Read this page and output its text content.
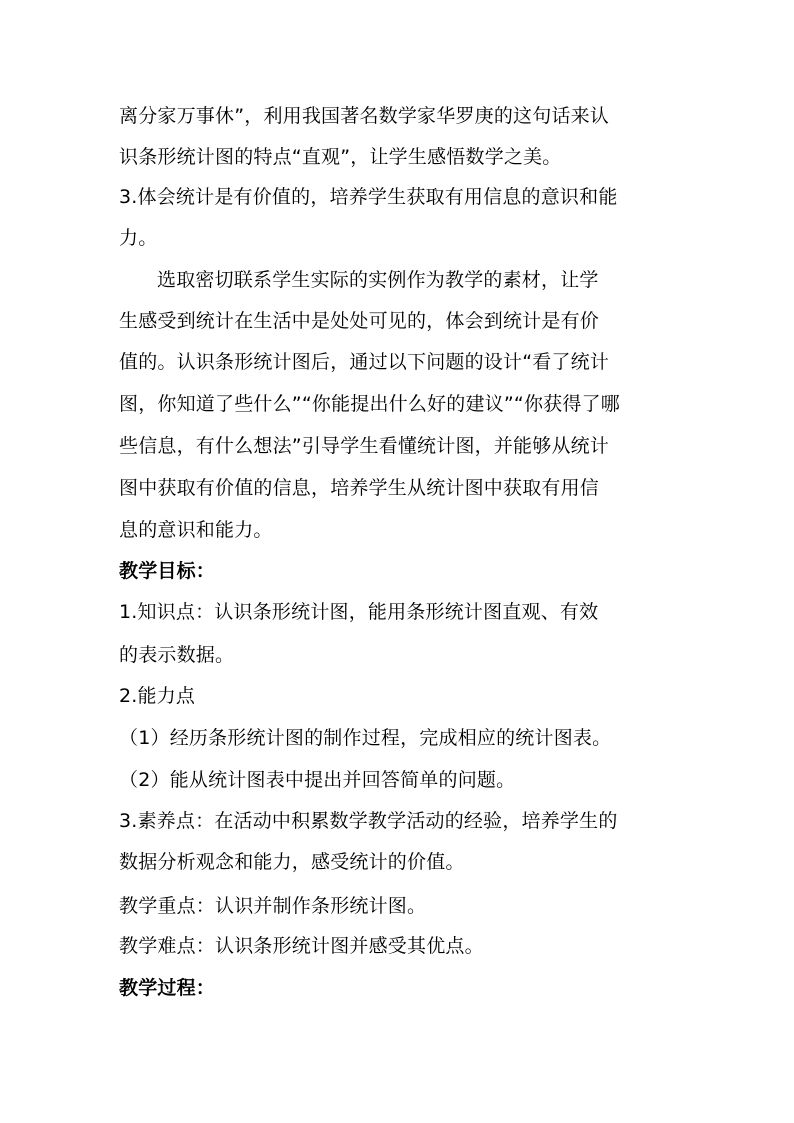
离分家万事休”，利用我国著名数学家华罗庚的这句话来认
识条形统计图的特点“直观”，让学生感悟数学之美。
3.体会统计是有价值的，培养学生获取有用信息的意识和能
力。
选取密切联系学生实际的实例作为教学的素材，让学
生感受到统计在生活中是处处可见的，体会到统计是有价
值的。认识条形统计图后，通过以下问题的设计“看了统计
图，你知道了些什么”“你能提出什么好的建议”“你获得了哪
些信息，有什么想法”引导学生看懂统计图，并能够从统计
图中获取有价值的信息，培养学生从统计图中获取有用信
息的意识和能力。
教学目标：
1.知识点：认识条形统计图，能用条形统计图直观、有效
的表示数据。
2.能力点
（1）经历条形统计图的制作过程，完成相应的统计图表。
（2）能从统计图表中提出并回答简单的问题。
3.素养点：在活动中积累数学教学活动的经验，培养学生的
数据分析观念和能力，感受统计的价值。
教学重点：认识并制作条形统计图。
教学难点：认识条形统计图并感受其优点。
教学过程：
